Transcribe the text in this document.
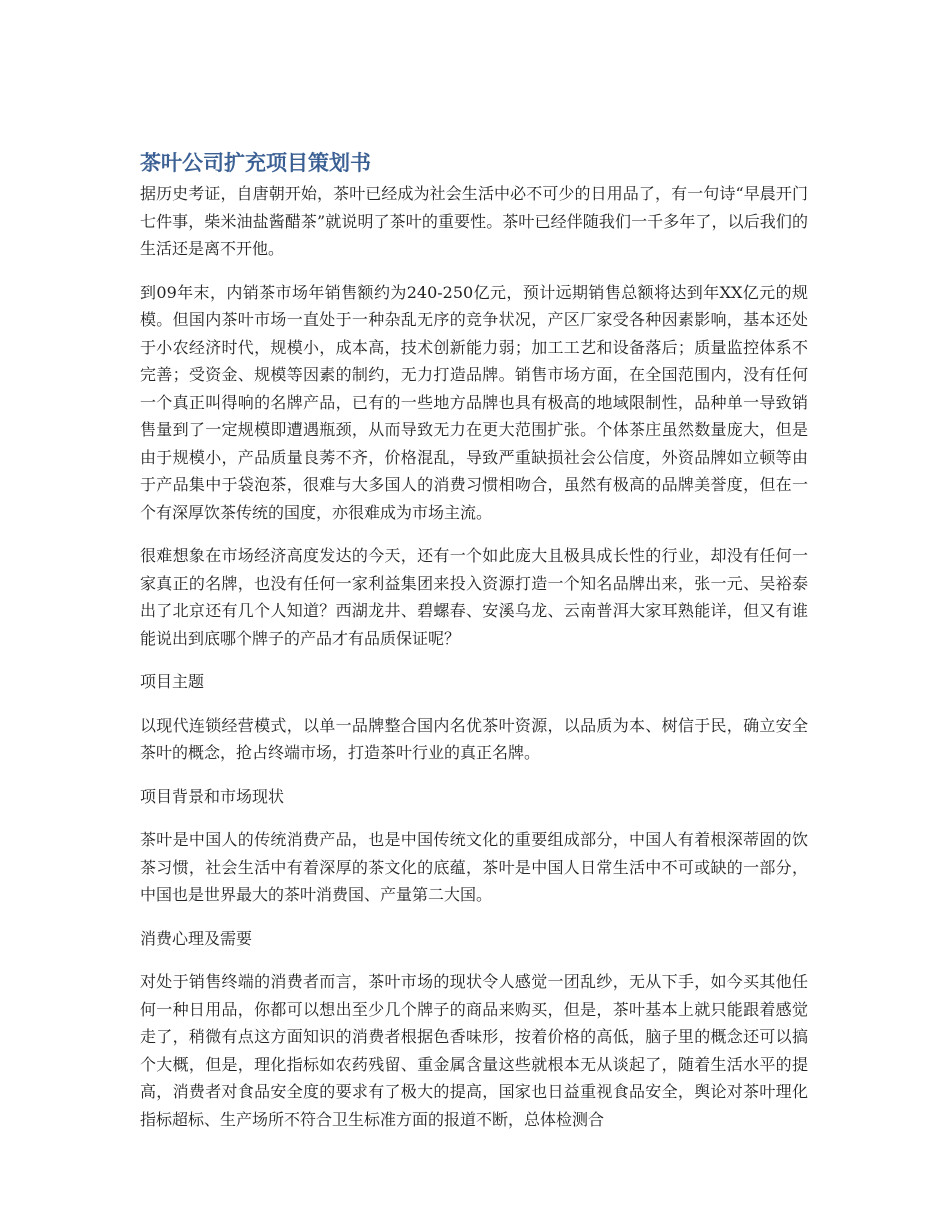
茶叶公司扩充项目策划书

据历史考证，自唐朝开始，茶叶已经成为社会生活中必不可少的日用品了，有一句诗“早晨开门七件事，柴米油盐酱醋茶”就说明了茶叶的重要性。茶叶已经伴随我们一千多年了，以后我们的生活还是离不开他。

到09年末，内销茶市场年销售额约为240-250亿元，预计远期销售总额将达到年XX亿元的规模。但国内茶叶市场一直处于一种杂乱无序的竞争状况，产区厂家受各种因素影响，基本还处于小农经济时代，规模小，成本高，技术创新能力弱；加工工艺和设备落后；质量监控体系不完善；受资金、规模等因素的制约，无力打造品牌。销售市场方面，在全国范围内，没有任何一个真正叫得响的名牌产品，已有的一些地方品牌也具有极高的地域限制性，品种单一导致销售量到了一定规模即遭遇瓶颈，从而导致无力在更大范围扩张。个体茶庄虽然数量庞大，但是由于规模小，产品质量良莠不齐，价格混乱，导致严重缺损社会公信度，外资品牌如立顿等由于产品集中于袋泡茶，很难与大多国人的消费习惯相吻合，虽然有极高的品牌美誉度，但在一个有深厚饮茶传统的国度，亦很难成为市场主流。

很难想象在市场经济高度发达的今天，还有一个如此庞大且极具成长性的行业，却没有任何一家真正的名牌，也没有任何一家利益集团来投入资源打造一个知名品牌出来，张一元、吴裕泰出了北京还有几个人知道？西湖龙井、碧螺春、安溪乌龙、云南普洱大家耳熟能详，但又有谁能说出到底哪个牌子的产品才有品质保证呢？

项目主题

以现代连锁经营模式，以单一品牌整合国内名优茶叶资源，以品质为本、树信于民，确立安全茶叶的概念，抢占终端市场，打造茶叶行业的真正名牌。

项目背景和市场现状

茶叶是中国人的传统消费产品，也是中国传统文化的重要组成部分，中国人有着根深蒂固的饮茶习惯，社会生活中有着深厚的茶文化的底蕴，茶叶是中国人日常生活中不可或缺的一部分，中国也是世界最大的茶叶消费国、产量第二大国。

消费心理及需要

对处于销售终端的消费者而言，茶叶市场的现状令人感觉一团乱纱，无从下手，如今买其他任何一种日用品，你都可以想出至少几个牌子的商品来购买，但是，茶叶基本上就只能跟着感觉走了，稍微有点这方面知识的消费者根据色香味形，按着价格的高低，脑子里的概念还可以搞个大概，但是，理化指标如农药残留、重金属含量这些就根本无从谈起了，随着生活水平的提高，消费者对食品安全度的要求有了极大的提高，国家也日益重视食品安全，舆论对茶叶理化指标超标、生产场所不符合卫生标准方面的报道不断，总体检测合
